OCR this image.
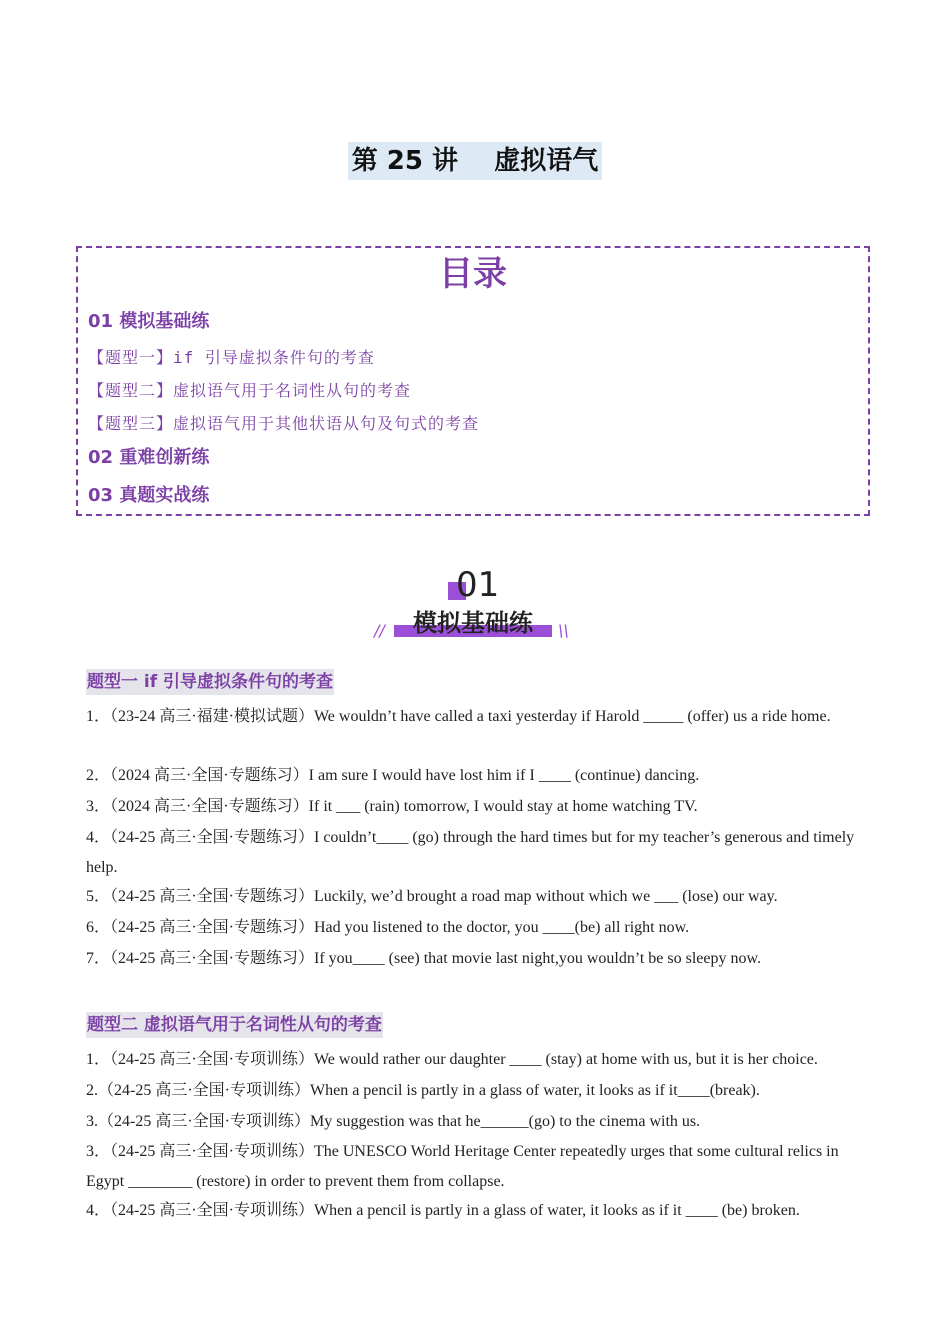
第 25 讲    虚拟语气
目录
01 模拟基础练
【题型一】if 引导虚拟条件句的考查
【题型二】虚拟语气用于名词性从句的考查
【题型三】虚拟语气用于其他状语从句及句式的考查
02 重难创新练
03 真题实战练
01
模拟基础练
//	\\
题型一 if 引导虚拟条件句的考查
1．（23-24 高三·福建·模拟试题）We wouldn’t have called a taxi yesterday if Harold _____ (offer) us a ride home.
2．（2024 高三·全国·专题练习）I am sure I would have lost him if I ____ (continue) dancing.
3．（2024 高三·全国·专题练习）If it ___ (rain) tomorrow, I would stay at home watching TV.
4．（24-25 高三·全国·专题练习）I couldn’t____ (go) through the hard times but for my teacher’s generous and timely help.
5．（24-25 高三·全国·专题练习）Luckily, we’d brought a road map without which we ___ (lose) our way.
6．（24-25 高三·全国·专题练习）Had you listened to the doctor, you ____(be) all right now.
7．（24-25 高三·全国·专题练习）If you____ (see) that movie last night,you wouldn’t be so sleepy now.
题型二 虚拟语气用于名词性从句的考查
1．（24-25 高三·全国·专项训练）We would rather our daughter ____ (stay) at home with us, but it is her choice.
2.（24-25 高三·全国·专项训练）When a pencil is partly in a glass of water, it looks as if it____(break).
3.（24-25 高三·全国·专项训练）My suggestion was that he______(go) to the cinema with us.
3．（24-25 高三·全国·专项训练）The UNESCO World Heritage Center repeatedly urges that some cultural relics in Egypt ________ (restore) in order to prevent them from collapse.
4．（24-25 高三·全国·专项训练）When a pencil is partly in a glass of water, it looks as if it ____ (be) broken.
